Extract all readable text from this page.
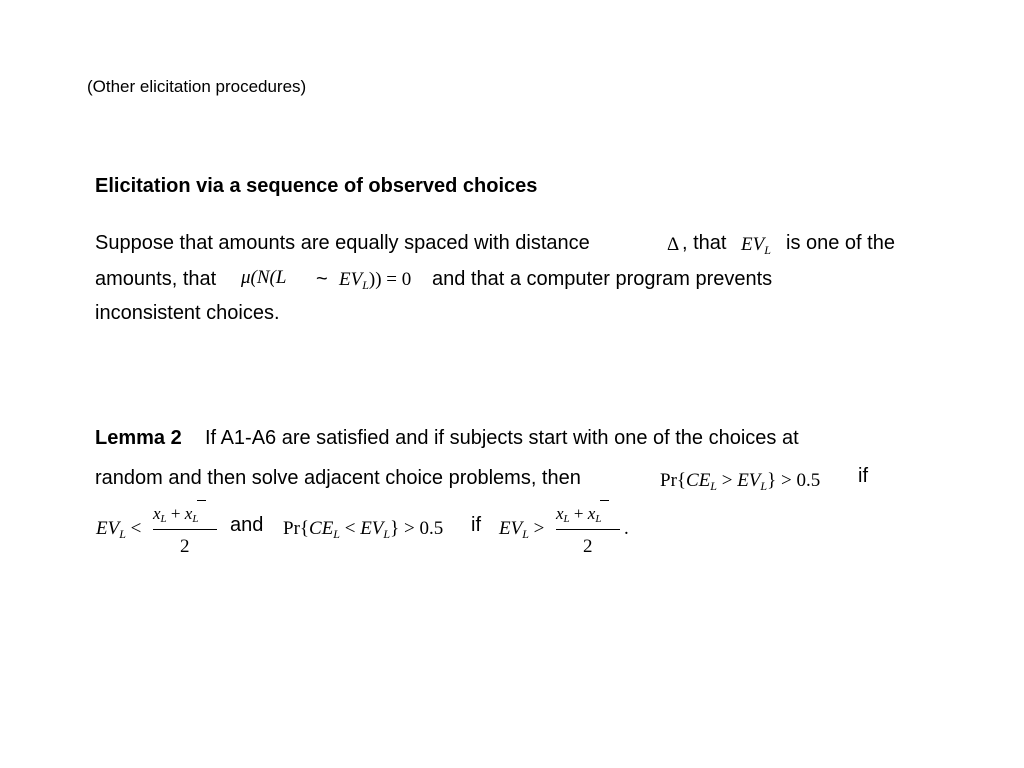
(Other elicitation procedures)
Elicitation via a sequence of observed choices
Suppose that amounts are equally spaced with distance	Δ , that $EV_L$ is one of the
amounts, that μ(N(L ~ $EV_L)) = 0$ and that a computer program prevents
inconsistent choices.
Lemma 2 If A1-A6 are satisfied and if subjects start with one of the choices at
random and then solve adjacent choice problems, then	$Pr\{CE_L > EV_L\} > 0.5$ if
$EV_L$ <
$x_L + x_L$
2
and $Pr\{CE_L < EV_L\} > 0.5$ if $EV_L$ >
$x_L + x_L$
2
.
